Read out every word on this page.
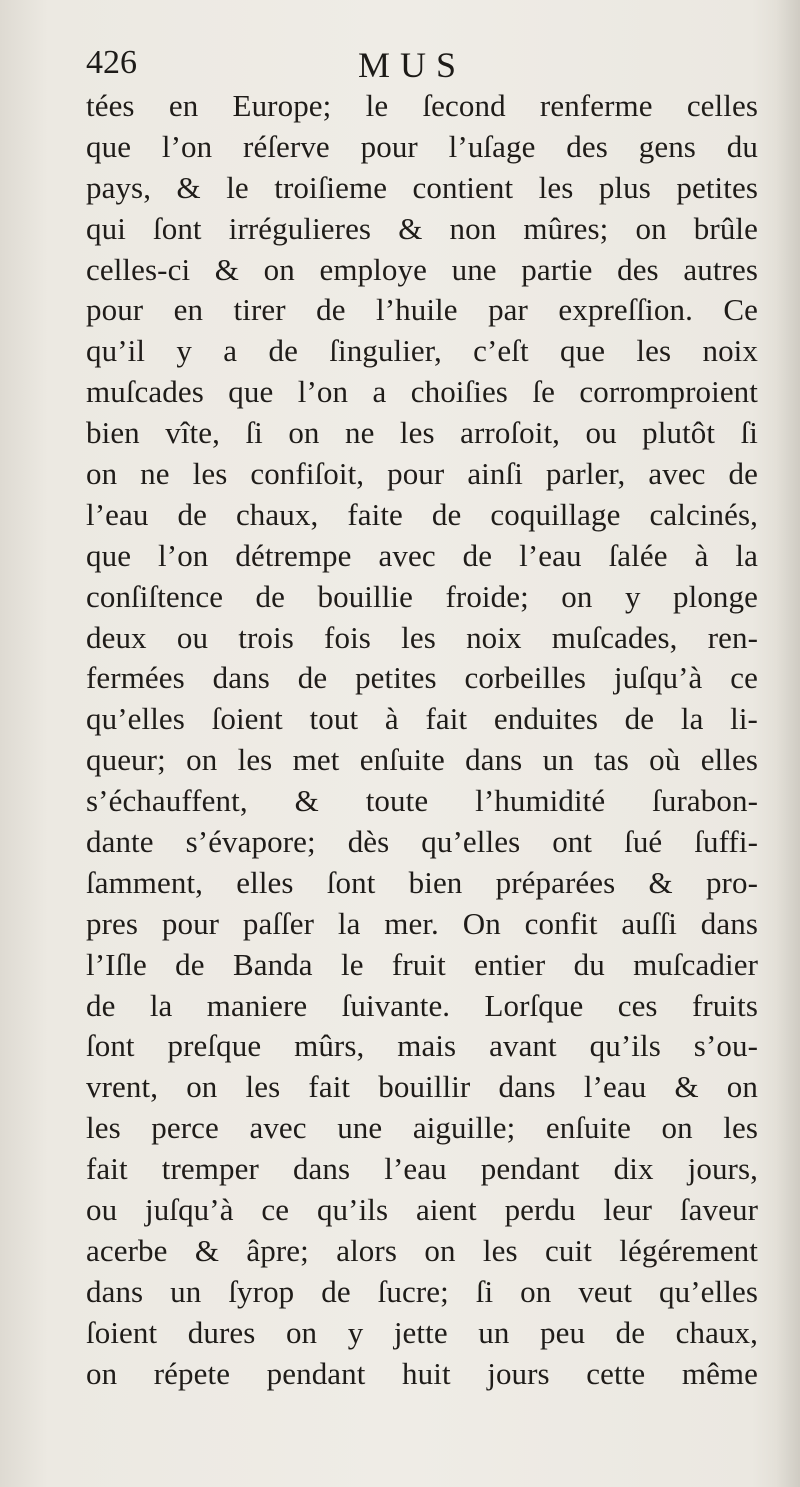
426	MUS
tées en Europe; le ſecond renferme celles
que l’on réſerve pour l’uſage des gens du
pays, & le troiſieme contient les plus petites
qui ſont irrégulieres & non mûres; on brûle
celles-ci & on employe une partie des autres
pour en tirer de l’huile par expreſſion. Ce
qu’il y a de ſingulier, c’eſt que les noix
muſcades que l’on a choiſies ſe corromproient
bien vîte, ſi on ne les arroſoit, ou plutôt ſi
on ne les confiſoit, pour ainſi parler, avec de
l’eau de chaux, faite de coquillage calcinés,
que l’on détrempe avec de l’eau ſalée à la
conſiſtence de bouillie froide; on y plonge
deux ou trois fois les noix muſcades, ren-
fermées dans de petites corbeilles juſqu’à ce
qu’elles ſoient tout à fait enduites de la li-
queur; on les met enſuite dans un tas où elles
s’échauffent, & toute l’humidité ſurabon-
dante s’évapore; dès qu’elles ont ſué ſuffi-
ſamment, elles ſont bien préparées & pro-
pres pour paſſer la mer. On confit auſſi dans
l’Iſle de Banda le fruit entier du muſcadier
de la maniere ſuivante. Lorſque ces fruits
ſont preſque mûrs, mais avant qu’ils s’ou-
vrent, on les fait bouillir dans l’eau & on
les perce avec une aiguille; enſuite on les
fait tremper dans l’eau pendant dix jours,
ou juſqu’à ce qu’ils aient perdu leur ſaveur
acerbe & âpre; alors on les cuit légérement
dans un ſyrop de ſucre; ſi on veut qu’elles
ſoient dures on y jette un peu de chaux,
on répete pendant huit jours cette même
